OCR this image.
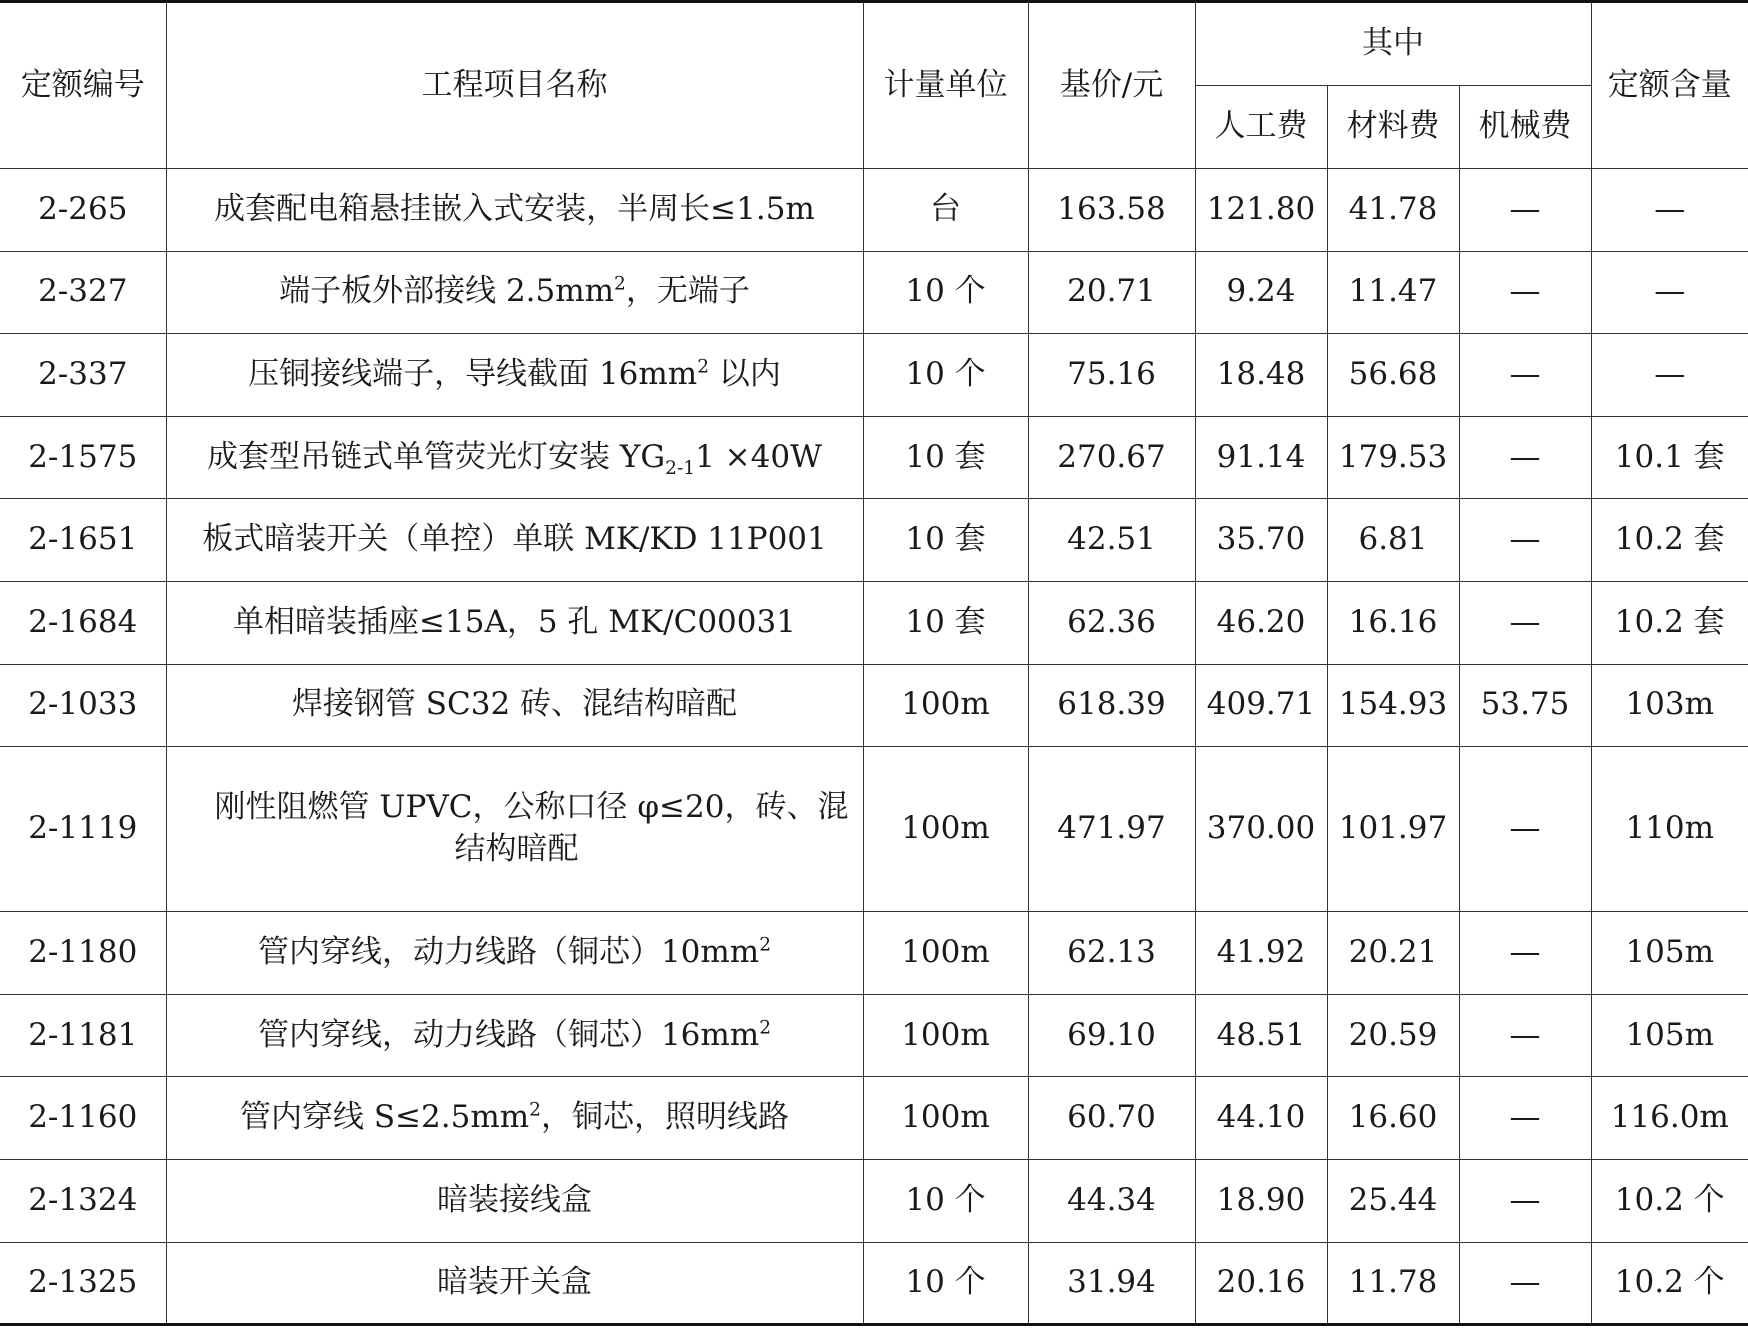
定额编号	工程项目名称	计量单位	基价/元	其中			定额含量
				人工费	材料费	机械费	
2-265	成套配电箱悬挂嵌入式安装，半周长≤1.5m	台	163.58	121.80	41.78	—	—
2-327	端子板外部接线 $2.5mm^2$，无端子	10 个	20.71	9.24	11.47	—	—
2-337	压铜接线端子，导线截面 $16mm^2$ 以内	10 个	75.16	18.48	56.68	—	—
2-1575	成套型吊链式单管荧光灯安装 $YG_{2-1}1 \times 40W$	10 套	270.67	91.14	179.53	—	10.1 套
2-1651	板式暗装开关（单控）单联 MK/KD 11P001	10 套	42.51	35.70	6.81	—	10.2 套
2-1684	单相暗装插座≤15A，5 孔 MK/C00031	10 套	62.36	46.20	16.16	—	10.2 套
2-1033	焊接钢管 SC32 砖、混结构暗配	100m	618.39	409.71	154.93	53.75	103m
2-1119	刚性阻燃管 UPVC，公称口径 φ≤20，砖、混结构暗配	100m	471.97	370.00	101.97	—	110m
2-1180	管内穿线，动力线路（铜芯）$10mm^2$	100m	62.13	41.92	20.21	—	105m
2-1181	管内穿线，动力线路（铜芯）$16mm^2$	100m	69.10	48.51	20.59	—	105m
2-1160	管内穿线 $S\le 2.5mm^2$，铜芯，照明线路	100m	60.70	44.10	16.60	—	116.0m
2-1324	暗装接线盒	10 个	44.34	18.90	25.44	—	10.2 个
2-1325	暗装开关盒	10 个	31.94	20.16	11.78	—	10.2 个
